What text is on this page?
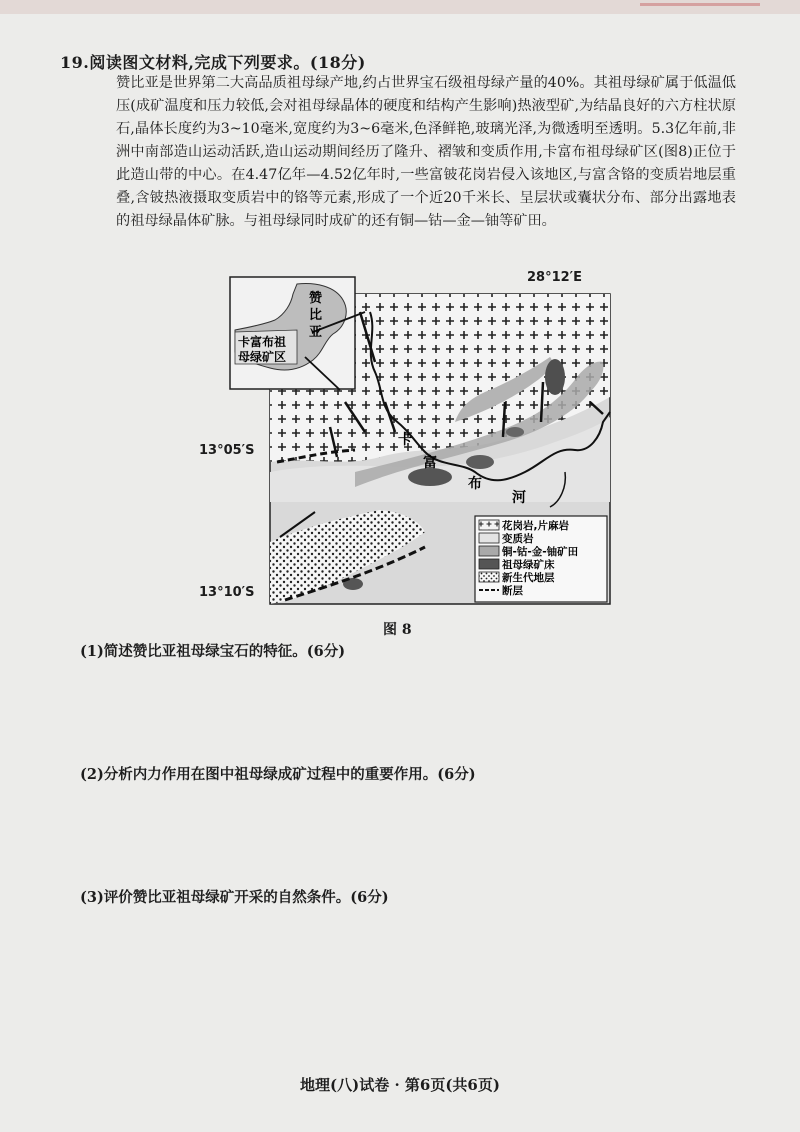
19.阅读图文材料,完成下列要求。(18分)
赞比亚是世界第二大高品质祖母绿产地,约占世界宝石级祖母绿产量的40%。其祖母绿矿属于低温低压(成矿温度和压力较低,会对祖母绿晶体的硬度和结构产生影响)热液型矿,为结晶良好的六方柱状原石,晶体长度约为3~10毫米,宽度约为3~6毫米,色泽鲜艳,玻璃光泽,为微透明至透明。5.3亿年前,非洲中南部造山运动活跃,造山运动期间经历了隆升、褶皱和变质作用,卡富布祖母绿矿区(图8)正位于此造山带的中心。在4.47亿年—4.52亿年时,一些富铍花岗岩侵入该地区,与富含铬的变质岩地层重叠,含铍热液摄取变质岩中的铬等元素,形成了一个近20千米长、呈层状或囊状分布、部分出露地表的祖母绿晶体矿脉。与祖母绿同时成矿的还有铜—钴—金—铀等矿田。
卡
富
布
河
赞
比
亚
卡富布祖
母绿矿区
花岗岩,片麻岩
变质岩
铜-钴-金-铀矿田
祖母绿矿床
新生代地层
断层
28°12′E
13°05′S
13°10′S
图 8
(1)简述赞比亚祖母绿宝石的特征。(6分)
(2)分析内力作用在图中祖母绿成矿过程中的重要作用。(6分)
(3)评价赞比亚祖母绿矿开采的自然条件。(6分)
地理(八)试卷 · 第6页(共6页)
